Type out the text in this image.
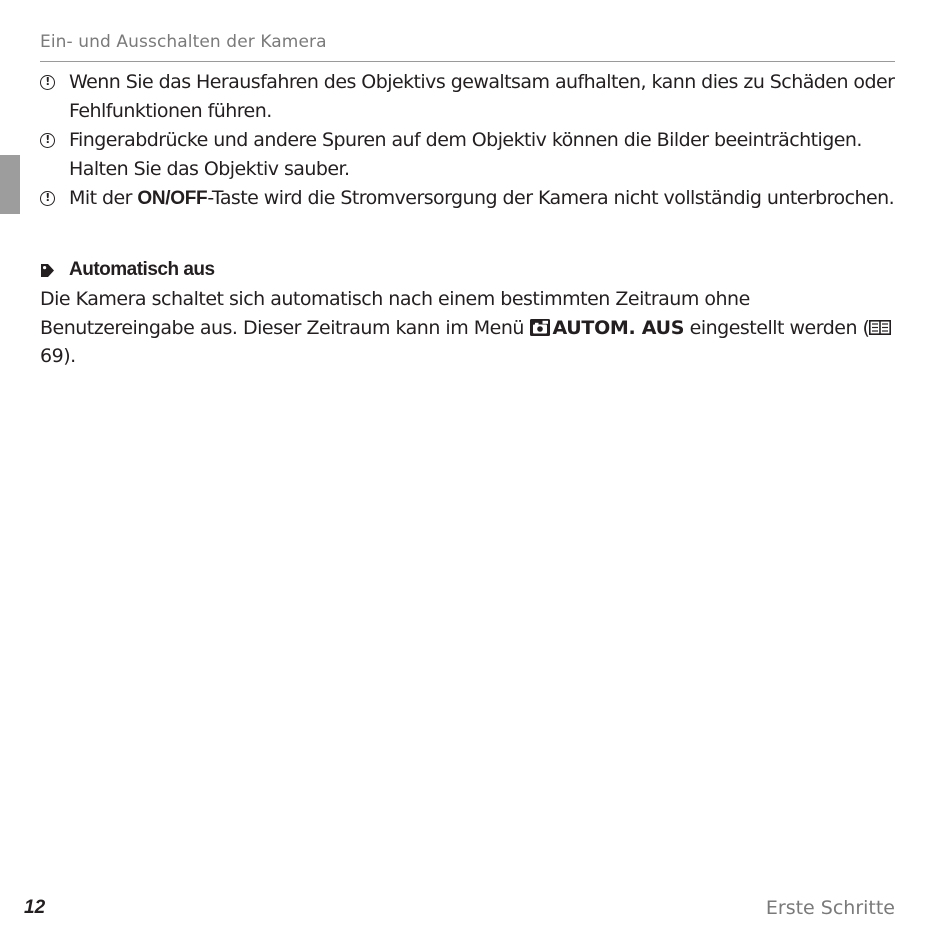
Ein- und Ausschalten der Kamera
! Wenn Sie das Herausfahren des Objektivs gewaltsam aufhalten, kann dies zu Schäden oder Fehlfunktionen führen.
! Fingerabdrücke und andere Spuren auf dem Objektiv können die Bilder beeinträchtigen. Halten Sie das Objektiv sauber.
! Mit der ON/OFF-Taste wird die Stromversorgung der Kamera nicht vollständig unterbrochen.
Automatisch aus

Die Kamera schaltet sich automatisch nach einem bestimmten Zeitraum ohne Benutzereingabe aus. Dieser Zeitraum kann im Menü AUTOM. AUS eingestellt werden (69).

12	Erste Schritte
